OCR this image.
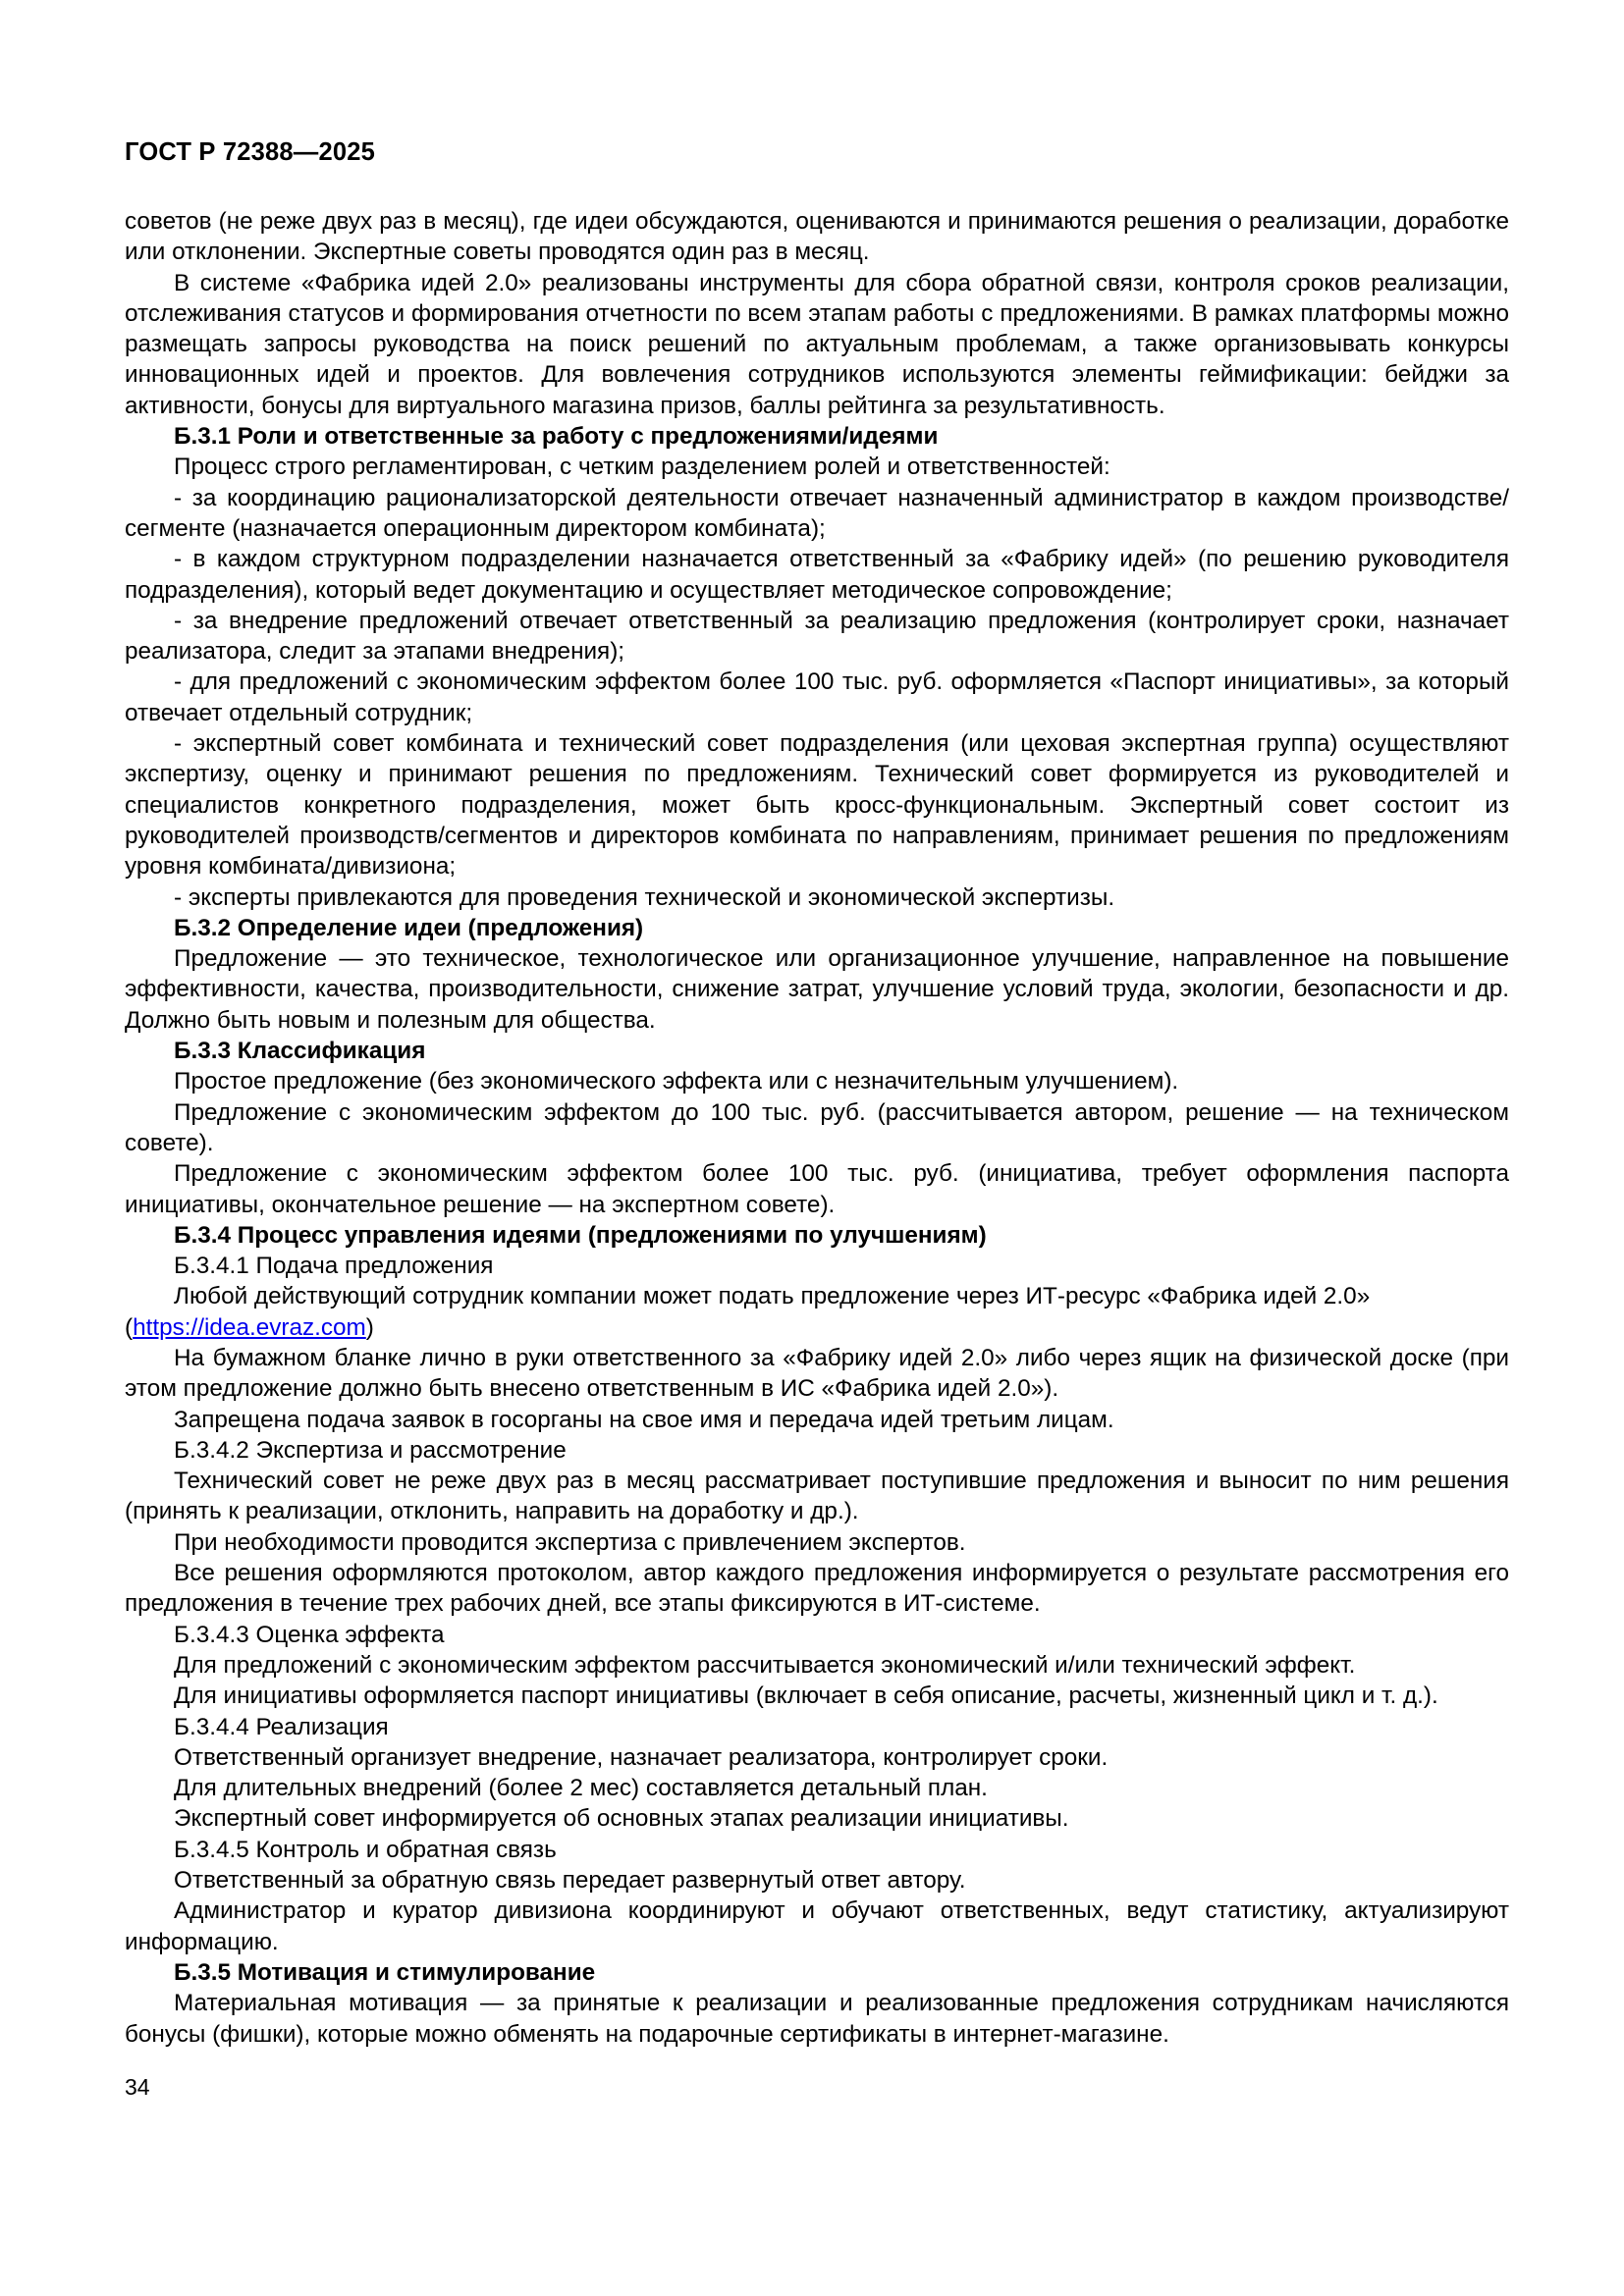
ГОСТ Р 72388—2025

советов (не реже двух раз в месяц), где идеи обсуждаются, оцениваются и принимаются решения о реализации, доработке или отклонении. Экспертные советы проводятся один раз в месяц.

В системе «Фабрика идей 2.0» реализованы инструменты для сбора обратной связи, контроля сроков реализации, отслеживания статусов и формирования отчетности по всем этапам работы с предложениями. В рамках платформы можно размещать запросы руководства на поиск решений по актуальным проблемам, а также организовывать конкурсы инновационных идей и проектов. Для вовлечения сотрудников используются элементы геймификации: бейджи за активности, бонусы для виртуального магазина призов, баллы рейтинга за результативность.

Б.3.1 Роли и ответственные за работу с предложениями/идеями

Процесс строго регламентирован, с четким разделением ролей и ответственностей:

- за координацию рационализаторской деятельности отвечает назначенный администратор в каждом производстве/сегменте (назначается операционным директором комбината);

- в каждом структурном подразделении назначается ответственный за «Фабрику идей» (по решению руководителя подразделения), который ведет документацию и осуществляет методическое сопровождение;

- за внедрение предложений отвечает ответственный за реализацию предложения (контролирует сроки, назначает реализатора, следит за этапами внедрения);

- для предложений с экономическим эффектом более 100 тыс. руб. оформляется «Паспорт инициативы», за который отвечает отдельный сотрудник;

- экспертный совет комбината и технический совет подразделения (или цеховая экспертная группа) осуществляют экспертизу, оценку и принимают решения по предложениям. Технический совет формируется из руководителей и специалистов конкретного подразделения, может быть кросс-функциональным. Экспертный совет состоит из руководителей производств/сегментов и директоров комбината по направлениям, принимает решения по предложениям уровня комбината/дивизиона;

- эксперты привлекаются для проведения технической и экономической экспертизы.

Б.3.2 Определение идеи (предложения)

Предложение — это техническое, технологическое или организационное улучшение, направленное на повышение эффективности, качества, производительности, снижение затрат, улучшение условий труда, экологии, безопасности и др. Должно быть новым и полезным для общества.

Б.3.3 Классификация

Простое предложение (без экономического эффекта или с незначительным улучшением).

Предложение с экономическим эффектом до 100 тыс. руб. (рассчитывается автором, решение — на техническом совете).

Предложение с экономическим эффектом более 100 тыс. руб. (инициатива, требует оформления паспорта инициативы, окончательное решение — на экспертном совете).

Б.3.4 Процесс управления идеями (предложениями по улучшениям)

Б.3.4.1 Подача предложения

Любой действующий сотрудник компании может подать предложение через ИТ-ресурс «Фабрика идей 2.0» (https://idea.evraz.com)

На бумажном бланке лично в руки ответственного за «Фабрику идей 2.0» либо через ящик на физической доске (при этом предложение должно быть внесено ответственным в ИС «Фабрика идей 2.0»).

Запрещена подача заявок в госорганы на свое имя и передача идей третьим лицам.

Б.3.4.2 Экспертиза и рассмотрение

Технический совет не реже двух раз в месяц рассматривает поступившие предложения и выносит по ним решения (принять к реализации, отклонить, направить на доработку и др.).

При необходимости проводится экспертиза с привлечением экспертов.

Все решения оформляются протоколом, автор каждого предложения информируется о результате рассмотрения его предложения в течение трех рабочих дней, все этапы фиксируются в ИТ-системе.

Б.3.4.3 Оценка эффекта

Для предложений с экономическим эффектом рассчитывается экономический и/или технический эффект.

Для инициативы оформляется паспорт инициативы (включает в себя описание, расчеты, жизненный цикл и т. д.).

Б.3.4.4 Реализация

Ответственный организует внедрение, назначает реализатора, контролирует сроки.

Для длительных внедрений (более 2 мес) составляется детальный план.

Экспертный совет информируется об основных этапах реализации инициативы.

Б.3.4.5 Контроль и обратная связь

Ответственный за обратную связь передает развернутый ответ автору.

Администратор и куратор дивизиона координируют и обучают ответственных, ведут статистику, актуализируют информацию.

Б.3.5 Мотивация и стимулирование

Материальная мотивация — за принятые к реализации и реализованные предложения сотрудникам начисляются бонусы (фишки), которые можно обменять на подарочные сертификаты в интернет-магазине.

34
